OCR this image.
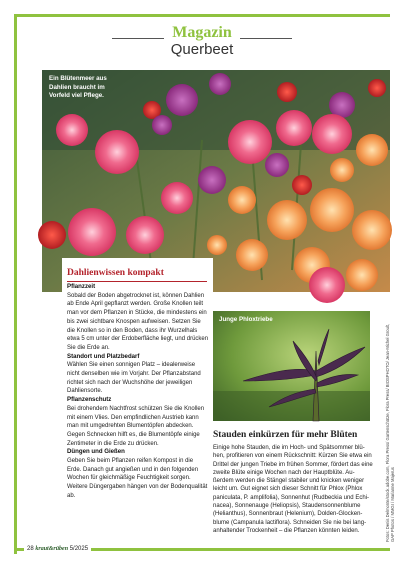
Magazin
Querbeet
Ein Blütenmeer aus Dahlien braucht im Vorfeld viel Pflege.
Dahlienwissen kompakt
Pflanzzeit

Sobald der Boden abgetrocknet ist, können Dahlien ab Ende April gepflanzt werden. Große Knollen teilt man vor dem Pflanzen in Stücke, die mindestens ein bis zwei sichtbare Knospen aufweisen. Setzen Sie die Knollen so in den Boden, dass ihr Wurzelhals etwa 5 cm unter der Erdoberfläche liegt, und drücken Sie die Erde an.

Standort und Platzbedarf

Wählen Sie einen sonnigen Platz – idealerweise nicht denselben wie im Vorjahr. Der Pflanzabstand richtet sich nach der Wuchshöhe der jeweiligen Dahliensorte.

Pflanzenschutz

Bei drohendem Nachtfrost schützen Sie die Knollen mit einem Vlies. Den empfindlichen Austrieb kann man mit umgedrehten Blumentöpfen abdecken. Gegen Schnecken hilft es, die Blumentöpfe einige Zentimeter in die Erde zu drücken.

Düngen und Gießen

Geben Sie beim Pflanzen reifen Kompost in die Erde. Danach gut angießen und in den folgenden Wochen für gleichmäßige Feuchtigkeit sorgen. Weitere Düngergaben hängen von der Bodenqualität ab.

Junge Phloxtriebe
Stauden einkürzen für mehr Blüten
Einige hohe Stauden, die im Hoch- und Spätsommer blühen, profitieren von einem Rückschnitt: Kürzen Sie etwa ein Drittel der jungen Triebe im frühen Sommer, fördert das eine zweite Blüte einige Wochen nach der Hauptblüte. Außerdem werden die Stängel stabiler und knicken weniger leicht um. Gut eignet sich dieser Schnitt für Phlox (Phlox paniculata, P. amplifolia), Sonnenhut (Rudbeckia und Echinacea), Sonnenauge (Heliopsis), Staudensonnenblume (Helianthus), Sonnenbraut (Helenium), Dolden-Glockenblume (Campanula lactiflora). Schneiden Sie nie bei langanhaltender Trockenheit – die Pflanzen könnten leiden.	Fotos: Denis Delmonte/stock.adobe.com, Flora Press/ Gartenschätze, Flora Press/ BIOSPHOTO/ Jean-Michel Groult, GAP Photos / MMGI / Marianne Majerus
28 kraut&rüben 5/2025
